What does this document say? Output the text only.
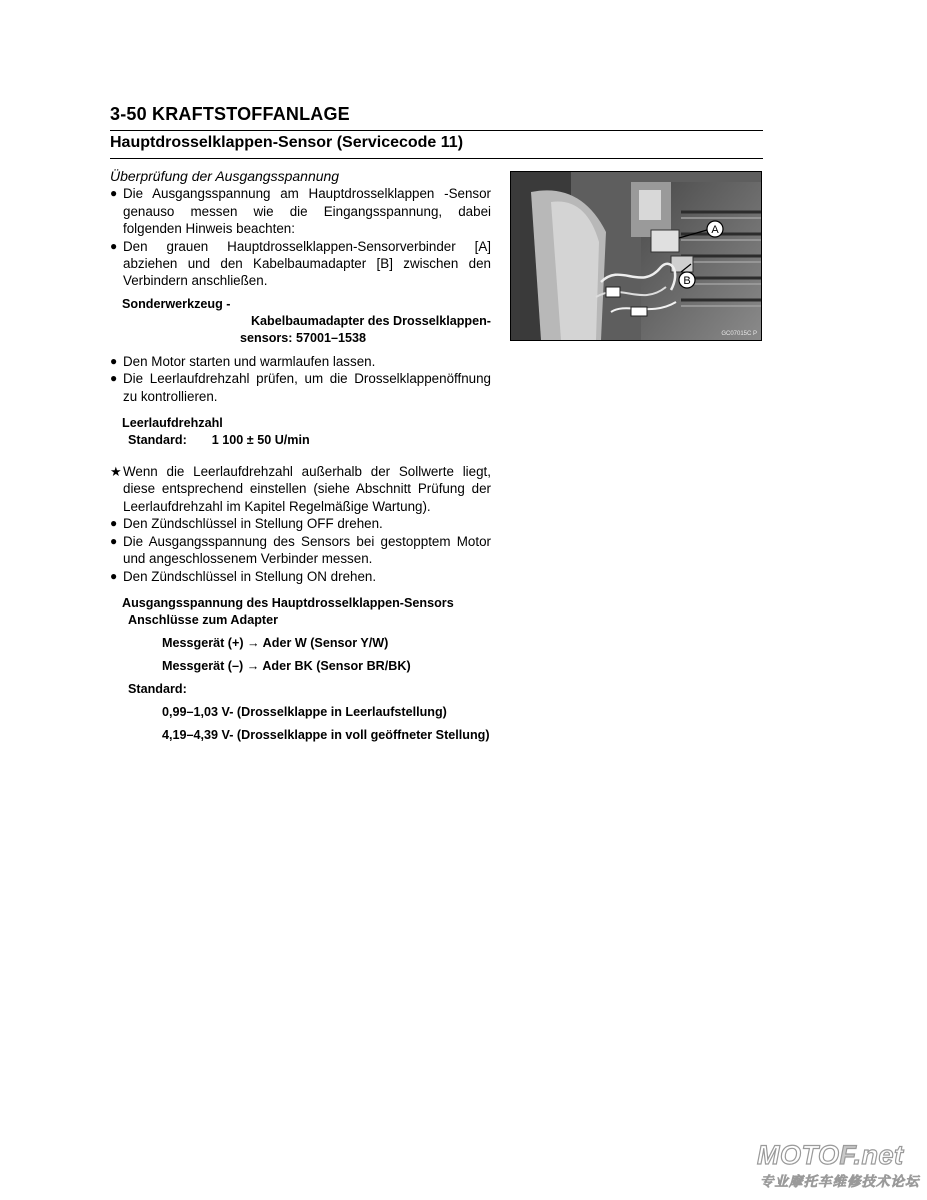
3-50 KRAFTSTOFFANLAGE
Hauptdrosselklappen-Sensor (Servicecode 11)
Überprüfung der Ausgangsspannung
● Die Ausgangsspannung am Hauptdrosselklappen -Sensor genauso messen wie die Eingangsspannung, dabei folgenden Hinweis beachten:
● Den grauen Hauptdrosselklappen-Sensorverbinder [A] abziehen und den Kabelbaumadapter [B] zwischen den Verbindern anschließen.
Sonderwerkzeug -
Kabelbaumadapter des Drosselklappen-
sensors: 57001–1538
● Den Motor starten und warmlaufen lassen.
● Die Leerlaufdrehzahl prüfen, um die Drosselklappenöffnung zu kontrollieren.
Leerlaufdrehzahl
Standard: 1 100 ± 50 U/min
★ Wenn die Leerlaufdrehzahl außerhalb der Sollwerte liegt, diese entsprechend einstellen (siehe Abschnitt Prüfung der Leerlaufdrehzahl im Kapitel Regelmäßige Wartung).
● Den Zündschlüssel in Stellung OFF drehen.
● Die Ausgangsspannung des Sensors bei gestopptem Motor und angeschlossenem Verbinder messen.
● Den Zündschlüssel in Stellung ON drehen.
Ausgangsspannung des Hauptdrosselklappen-Sensors
Anschlüsse zum Adapter
Messgerät (+) → Ader W (Sensor Y/W)
Messgerät (–) → Ader BK (Sensor BR/BK)
Standard:
0,99–1,03 V- (Drosselklappe in Leerlaufstellung)
4,19–4,39 V- (Drosselklappe in voll geöffneter Stellung)
A
B
GC07015C P
MOTOF.net
专业摩托车维修技术论坛
